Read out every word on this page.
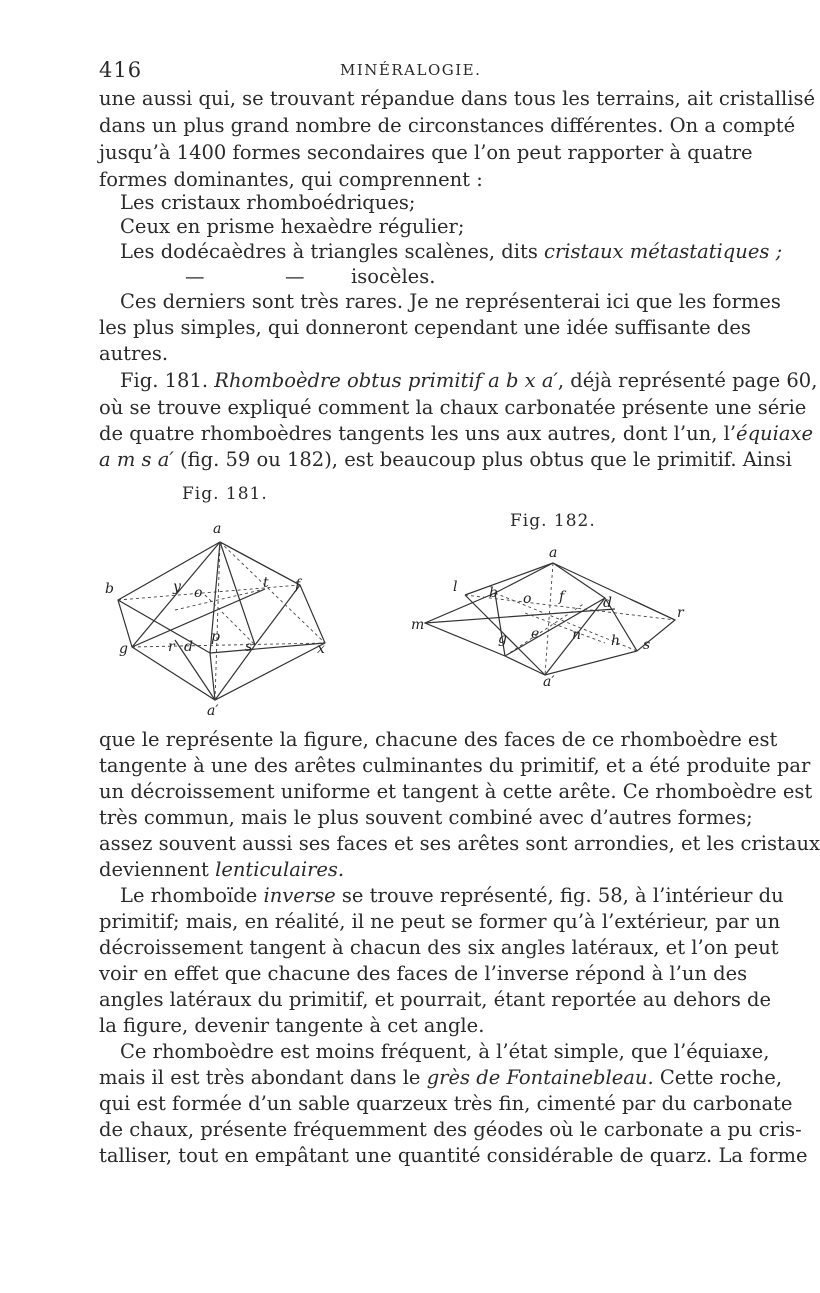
416	MINÉRALOGIE.
une aussi qui, se trouvant répandue dans tous les terrains, ait cristallisé
dans un plus grand nombre de circonstances différentes. On a compté
jusqu’à 1400 formes secondaires que l’on peut rapporter à quatre
formes dominantes, qui comprennent :
Les cristaux rhomboédriques;
Ceux en prisme hexaèdre régulier;
Les dodécaèdres à triangles scalènes, dits cristaux métastatiques ;
—	— isocèles.
Ces derniers sont très rares. Je ne représenterai ici que les formes
les plus simples, qui donneront cependant une idée suffisante des
autres.
Fig. 181. Rhomboèdre obtus primitif a b x a′, déjà représenté page 60,
où se trouve expliqué comment la chaux carbonatée présente une série
de quatre rhomboèdres tangents les uns aux autres, dont l’un, l’équiaxe
a m s a′ (fig. 59 ou 182), est beaucoup plus obtus que le primitif. Ainsi
Fig. 181.
Fig. 182.
a
b	y o
t f
g	r d
p
s	x
a′
a
l b o f	d
m
r
g e n h s
a′
que le représente la figure, chacune des faces de ce rhomboèdre est
tangente à une des arêtes culminantes du primitif, et a été produite par
un décroissement uniforme et tangent à cette arête. Ce rhomboèdre est
très commun, mais le plus souvent combiné avec d’autres formes;
assez souvent aussi ses faces et ses arêtes sont arrondies, et les cristaux
deviennent lenticulaires.
Le rhomboïde inverse se trouve représenté, fig. 58, à l’intérieur du
primitif; mais, en réalité, il ne peut se former qu’à l’extérieur, par un
décroissement tangent à chacun des six angles latéraux, et l’on peut
voir en effet que chacune des faces de l’inverse répond à l’un des
angles latéraux du primitif, et pourrait, étant reportée au dehors de
la figure, devenir tangente à cet angle.
Ce rhomboèdre est moins fréquent, à l’état simple, que l’équiaxe,
mais il est très abondant dans le grès de Fontainebleau. Cette roche,
qui est formée d’un sable quarzeux très fin, cimenté par du carbonate
de chaux, présente fréquemment des géodes où le carbonate a pu cris-
talliser, tout en empâtant une quantité considérable de quarz. La forme
